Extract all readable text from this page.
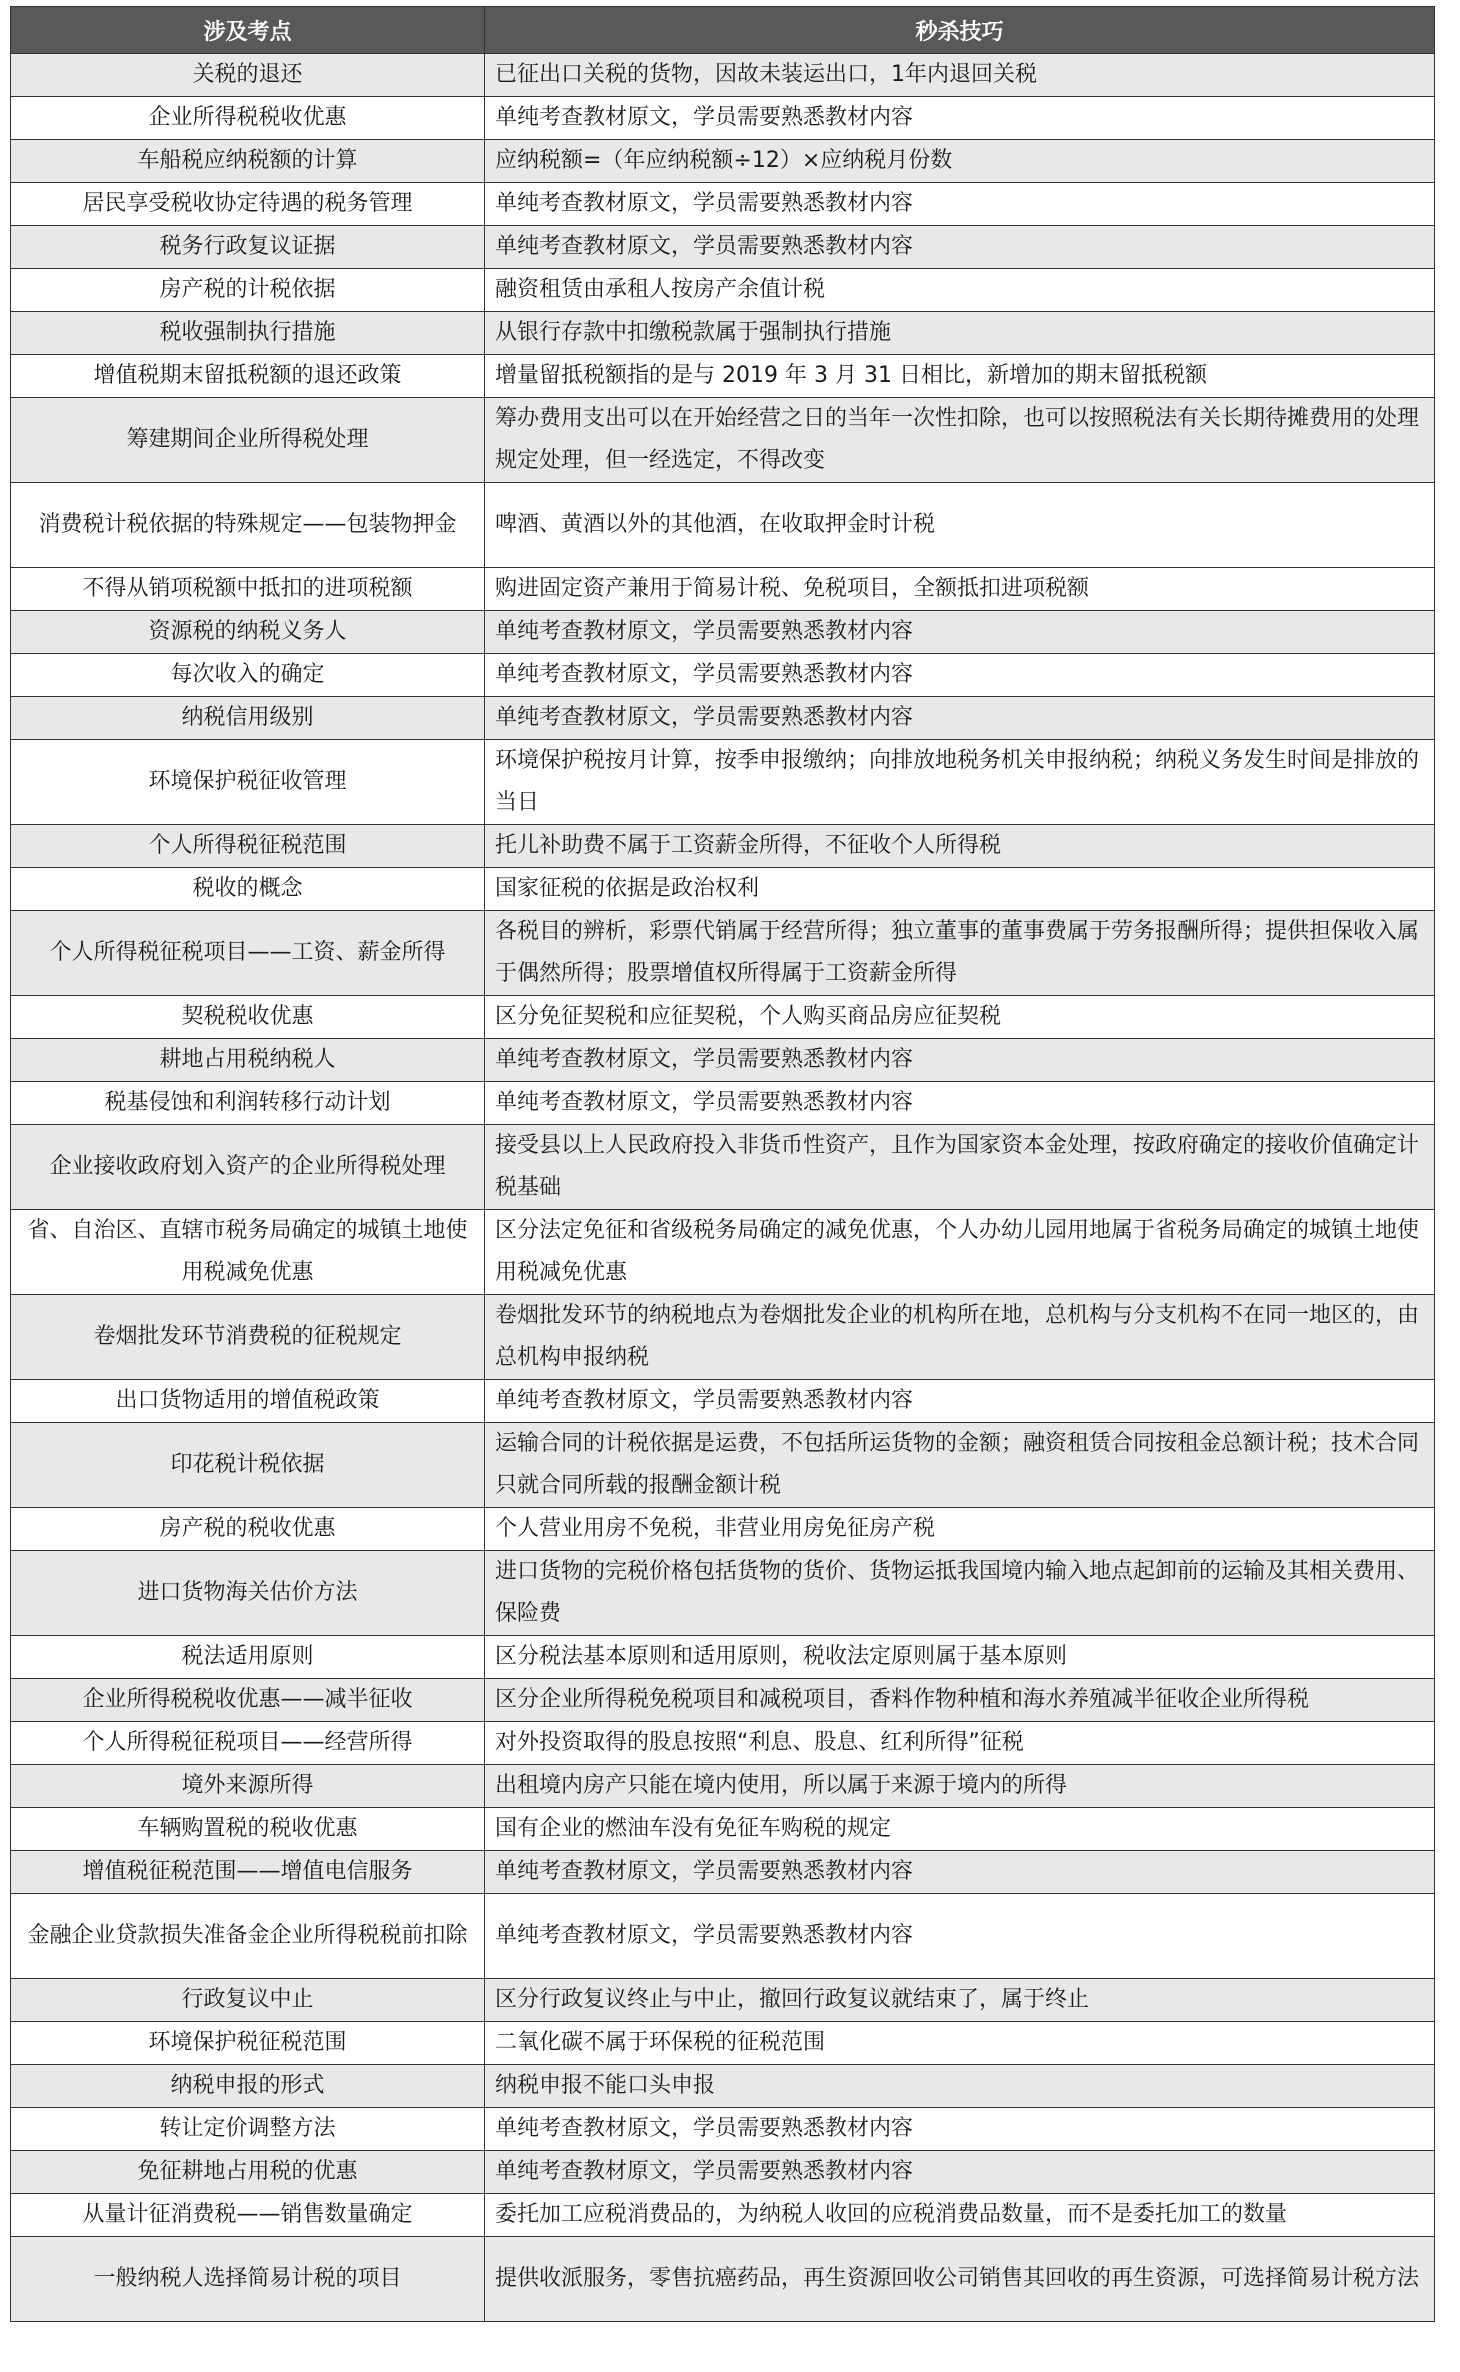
涉及考点	秒杀技巧
关税的退还	已征出口关税的货物，因故未装运出口，1年内退回关税
企业所得税税收优惠	单纯考查教材原文，学员需要熟悉教材内容
车船税应纳税额的计算	应纳税额=（年应纳税额÷12）×应纳税月份数
居民享受税收协定待遇的税务管理	单纯考查教材原文，学员需要熟悉教材内容
税务行政复议证据	单纯考查教材原文，学员需要熟悉教材内容
房产税的计税依据	融资租赁由承租人按房产余值计税
税收强制执行措施	从银行存款中扣缴税款属于强制执行措施
增值税期末留抵税额的退还政策	增量留抵税额指的是与 2019 年 3 月 31 日相比，新增加的期末留抵税额
筹建期间企业所得税处理	筹办费用支出可以在开始经营之日的当年一次性扣除，也可以按照税法有关长期待摊费用的处理规定处理，但一经选定，不得改变
消费税计税依据的特殊规定——包装物押金	啤酒、黄酒以外的其他酒，在收取押金时计税
不得从销项税额中抵扣的进项税额	购进固定资产兼用于简易计税、免税项目，全额抵扣进项税额
资源税的纳税义务人	单纯考查教材原文，学员需要熟悉教材内容
每次收入的确定	单纯考查教材原文，学员需要熟悉教材内容
纳税信用级别	单纯考查教材原文，学员需要熟悉教材内容
环境保护税征收管理	环境保护税按月计算，按季申报缴纳；向排放地税务机关申报纳税；纳税义务发生时间是排放的当日
个人所得税征税范围	托儿补助费不属于工资薪金所得，不征收个人所得税
税收的概念	国家征税的依据是政治权利
个人所得税征税项目——工资、薪金所得	各税目的辨析，彩票代销属于经营所得；独立董事的董事费属于劳务报酬所得；提供担保收入属于偶然所得；股票增值权所得属于工资薪金所得
契税税收优惠	区分免征契税和应征契税，个人购买商品房应征契税
耕地占用税纳税人	单纯考查教材原文，学员需要熟悉教材内容
税基侵蚀和利润转移行动计划	单纯考查教材原文，学员需要熟悉教材内容
企业接收政府划入资产的企业所得税处理	接受县以上人民政府投入非货币性资产，且作为国家资本金处理，按政府确定的接收价值确定计税基础
省、自治区、直辖市税务局确定的城镇土地使用税减免优惠	区分法定免征和省级税务局确定的减免优惠，个人办幼儿园用地属于省税务局确定的城镇土地使用税减免优惠
卷烟批发环节消费税的征税规定	卷烟批发环节的纳税地点为卷烟批发企业的机构所在地，总机构与分支机构不在同一地区的，由总机构申报纳税
出口货物适用的增值税政策	单纯考查教材原文，学员需要熟悉教材内容
印花税计税依据	运输合同的计税依据是运费，不包括所运货物的金额；融资租赁合同按租金总额计税；技术合同只就合同所载的报酬金额计税
房产税的税收优惠	个人营业用房不免税，非营业用房免征房产税
进口货物海关估价方法	进口货物的完税价格包括货物的货价、货物运抵我国境内输入地点起卸前的运输及其相关费用、保险费
税法适用原则	区分税法基本原则和适用原则，税收法定原则属于基本原则
企业所得税税收优惠——减半征收	区分企业所得税免税项目和减税项目，香料作物种植和海水养殖减半征收企业所得税
个人所得税征税项目——经营所得	对外投资取得的股息按照“利息、股息、红利所得”征税
境外来源所得	出租境内房产只能在境内使用，所以属于来源于境内的所得
车辆购置税的税收优惠	国有企业的燃油车没有免征车购税的规定
增值税征税范围——增值电信服务	单纯考查教材原文，学员需要熟悉教材内容
金融企业贷款损失准备金企业所得税税前扣除	单纯考查教材原文，学员需要熟悉教材内容
行政复议中止	区分行政复议终止与中止，撤回行政复议就结束了，属于终止
环境保护税征税范围	二氧化碳不属于环保税的征税范围
纳税申报的形式	纳税申报不能口头申报
转让定价调整方法	单纯考查教材原文，学员需要熟悉教材内容
免征耕地占用税的优惠	单纯考查教材原文，学员需要熟悉教材内容
从量计征消费税——销售数量确定	委托加工应税消费品的，为纳税人收回的应税消费品数量，而不是委托加工的数量
一般纳税人选择简易计税的项目	提供收派服务，零售抗癌药品，再生资源回收公司销售其回收的再生资源，可选择简易计税方法
